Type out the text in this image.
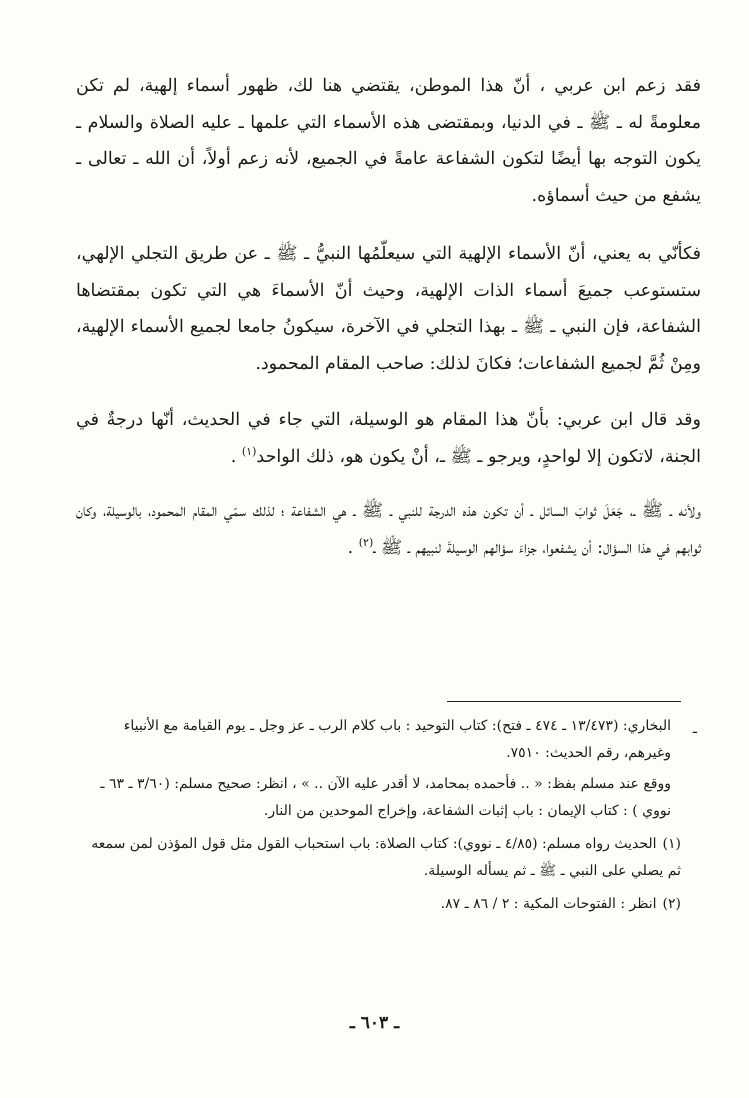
فقد زعم ابن عربي ، أنّ هذا الموطن، يقتضي هنا لك، ظهور أسماء إلهية، لم تكن معلومةً له ـ ﷺ ـ في الدنيا، وبمقتضى هذه الأسماء التي علمها ـ عليه الصلاة والسلام ـ يكون التوجه بها أيضًا لتكون الشفاعة عامةً في الجميع، لأنه زعم أولاً، أن الله ـ تعالى ـ يشفع من حيث أسماؤه.

فكأنّي به يعني، أنّ الأسماء الإلهية التي سيعلّمُها النبيُّ ـ ﷺ ـ عن طريق التجلي الإلهي، ستستوعب جميعَ أسماء الذات الإلهية، وحيث أنّ الأسماءَ هي التي تكون بمقتضاها الشفاعة، فإن النبي ـ ﷺ ـ بهذا التجلي في الآخرة، سيكونُ جامعا لجميع الأسماء الإلهية، ومِنْ ثُمَّ لجميع الشفاعات؛ فكانَ لذلك: صاحب المقام المحمود.

وقد قال ابن عربي: بأنّ هذا المقام هو الوسيلة، التي جاء في الحديث، أنّها درجةٌ في الجنة، لاتكون إلا لواحدٍ، ويرجو ـ ﷺ ـ، أنْ يكون هو، ذلك الواحد$^{(١)}$ .

ولأنه ـ ﷺ ـ، جَعَلَ ثوابَ السائل ـ أن تكون هذه الدرجة للنبي ـ ﷺ ـ هي الشفاعة ؛ لذلك سمّي المقام المحمود، بالوسيلة، وكان ثوابهم في هذا السؤال: أن يشفعوا، جزاءَ سؤالهم الوسيلةَ لنبيهم ـ ﷺ ـ$^{(٢)}$ .

ـ
البخاري: (١٣/٤٧٣ ـ ٤٧٤ ـ فتح): كتاب التوحيد : باب كلام الرب ـ عز وجل ـ يوم القيامة مع الأنبياء وغيرهم، رقم الحديث: ٧٥١٠.
ووقع عند مسلم بفظ: « .. فأحمده بمحامد، لا أقدر عليه الآن .. » ، انظر: صحيح مسلم: (٣/٦٠ ـ ٦٣ ـ نووي ) : كتاب الإيمان : باب إثبات الشفاعة، وإخراج الموحدين من النار.
(١)الحديث رواه مسلم: (٤/٨٥ ـ نووي): كتاب الصلاة: باب استحباب القول مثل قول المؤذن لمن سمعه ثم يصلي على النبي ـ ﷺ ـ ثم يسأله الوسيلة.
(٢)انظر : الفتوحات المكية : ٢ / ٨٦ ـ ٨٧.
ـ ٦٠٣ ـ
